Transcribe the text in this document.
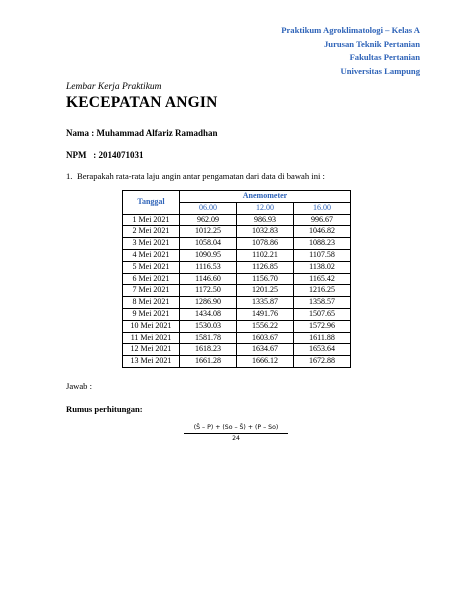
Praktikum Agroklimatologi – Kelas A
Jurusan Teknik Pertanian
Fakultas Pertanian
Universitas Lampung
Lembar Kerja Praktikum
KECEPATAN ANGIN
Nama : Muhammad Alfariz Ramadhan
NPM   : 2014071031
1. Berapakah rata-rata laju angin antar pengamatan dari data di bawah ini :
Tanggal	Anemometer		
	06.00	12.00	16.00
1 Mei 2021	962.09	986.93	996.67
2 Mei 2021	1012.25	1032.83	1046.82
3 Mei 2021	1058.04	1078.86	1088.23
4 Mei 2021	1090.95	1102.21	1107.58
5 Mei 2021	1116.53	1126.85	1138.02
6 Mei 2021	1146.60	1156.70	1165.42
7 Mei 2021	1172.50	1201.25	1216.25
8 Mei 2021	1286.90	1335.87	1358.57
9 Mei 2021	1434.08	1491.76	1507.65
10 Mei 2021	1530.03	1556.22	1572.96
11 Mei 2021	1581.78	1603.67	1611.88
12 Mei 2021	1618.23	1634.67	1653.64
13 Mei 2021	1661.28	1666.12	1672.88
Jawab :
Rumus perhitungan:
$\frac{(S̄ - P) + (So - S̄) + (P - So)}{24}$
